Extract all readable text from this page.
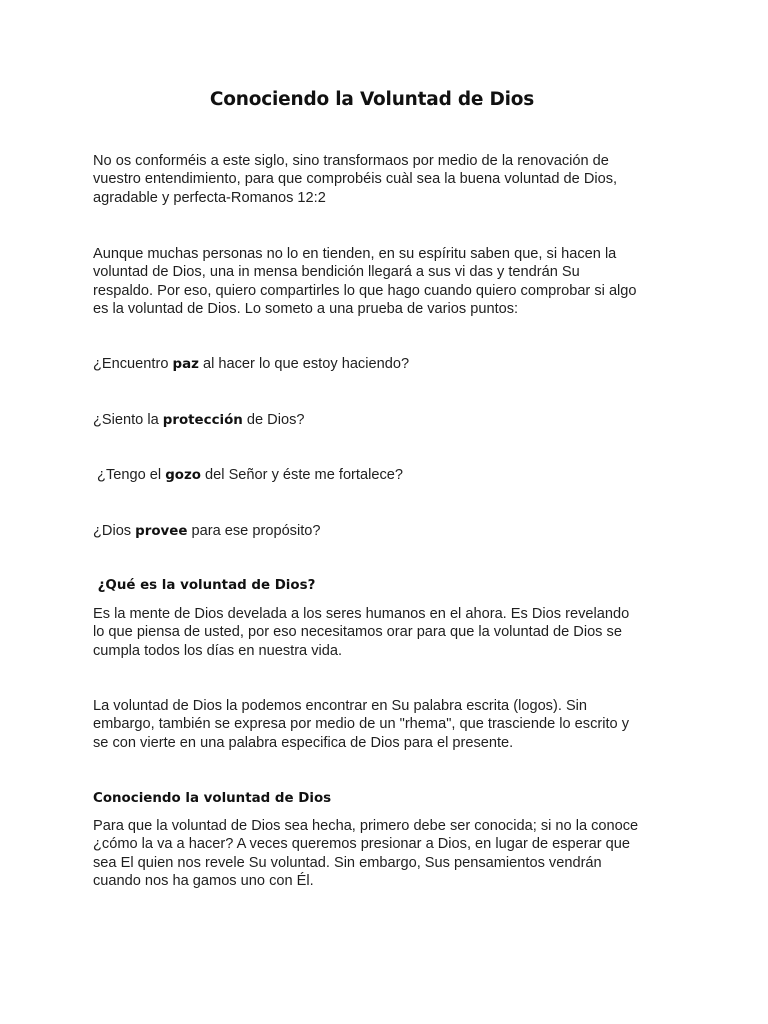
Conociendo la Voluntad de Dios

No os conforméis a este siglo, sino transformaos por medio de la renovación de
vuestro entendimiento, para que comprobéis cuàl sea la buena voluntad de Dios,
agradable y perfecta-Romanos 12:2

Aunque muchas personas no lo en tienden, en su espíritu saben que, si hacen la
voluntad de Dios, una in mensa bendición llegará a sus vi das y tendrán Su
respaldo. Por eso, quiero compartirles lo que hago cuando quiero comprobar si algo
es la voluntad de Dios. Lo someto a una prueba de varios puntos:

¿Encuentro paz al hacer lo que estoy haciendo?

¿Siento la protección de Dios?

¿Tengo el gozo del Señor y éste me fortalece?

¿Dios provee para ese propósito?

¿Qué es la voluntad de Dios?

Es la mente de Dios develada a los seres humanos en el ahora. Es Dios revelando
lo que piensa de usted, por eso necesitamos orar para que la voluntad de Dios se
cumpla todos los días en nuestra vida.

La voluntad de Dios la podemos encontrar en Su palabra escrita (logos). Sin
embargo, también se expresa por medio de un "rhema", que trasciende lo escrito y
se con vierte en una palabra especifica de Dios para el presente.

Conociendo la voluntad de Dios

Para que la voluntad de Dios sea hecha, primero debe ser conocida; si no la conoce
¿cómo la va a hacer? A veces queremos presionar a Dios, en lugar de esperar que
sea El quien nos revele Su voluntad. Sin embargo, Sus pensamientos vendrán
cuando nos ha gamos uno con Él.
